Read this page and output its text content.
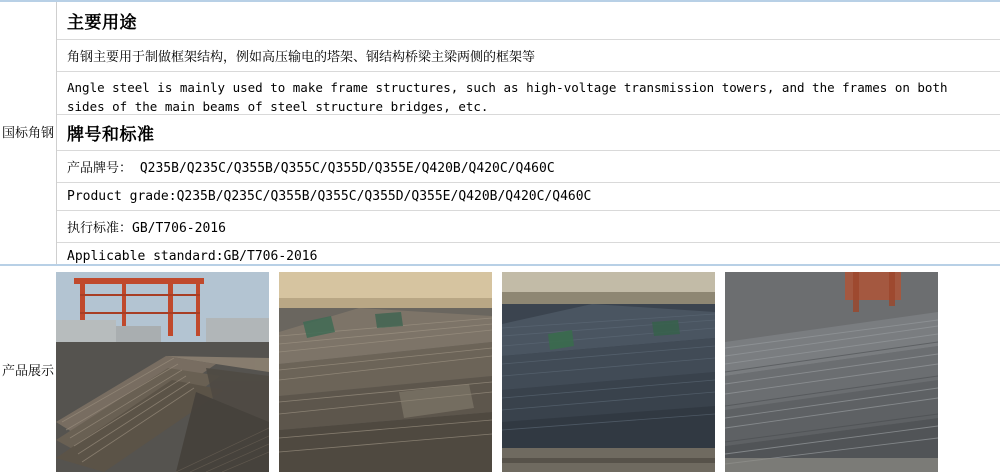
国标角钢
主要用途
角钢主要用于制做框架结构，例如高压输电的塔架、钢结构桥梁主梁两侧的框架等
Angle steel is mainly used to make frame structures, such as high-voltage transmission towers, and the frames on both sides of the main beams of steel structure bridges, etc.
牌号和标准
产品牌号： Q235B/Q235C/Q355B/Q355C/Q355D/Q355E/Q420B/Q420C/Q460C
Product grade:Q235B/Q235C/Q355B/Q355C/Q355D/Q355E/Q420B/Q420C/Q460C
执行标准：GB/T706-2016
Applicable standard:GB/T706-2016
产品展示
